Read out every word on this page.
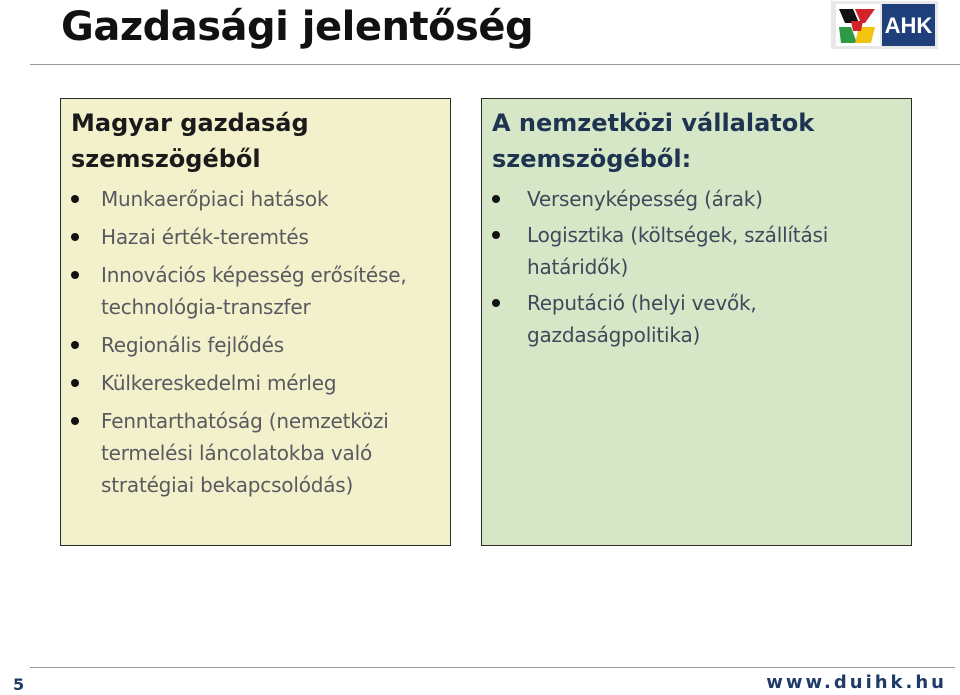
Gazdasági jelentőség	AHK

Magyar gazdaság szemszögéből

Munkaerőpiaci hatások
Hazai érték-teremtés
Innovációs képesség erősítése, technológia-transzfer
Regionális fejlődés
Külkereskedelmi mérleg
Fenntarthatóság (nemzetközi termelési láncolatokba való stratégiai bekapcsolódás)

A nemzetközi vállalatok szemszögéből:

Versenyképesség (árak)
Logisztika (költségek, szállítási határidők)
Reputáció (helyi vevők, gazdaságpolitika)
5	www.duihk.hu
